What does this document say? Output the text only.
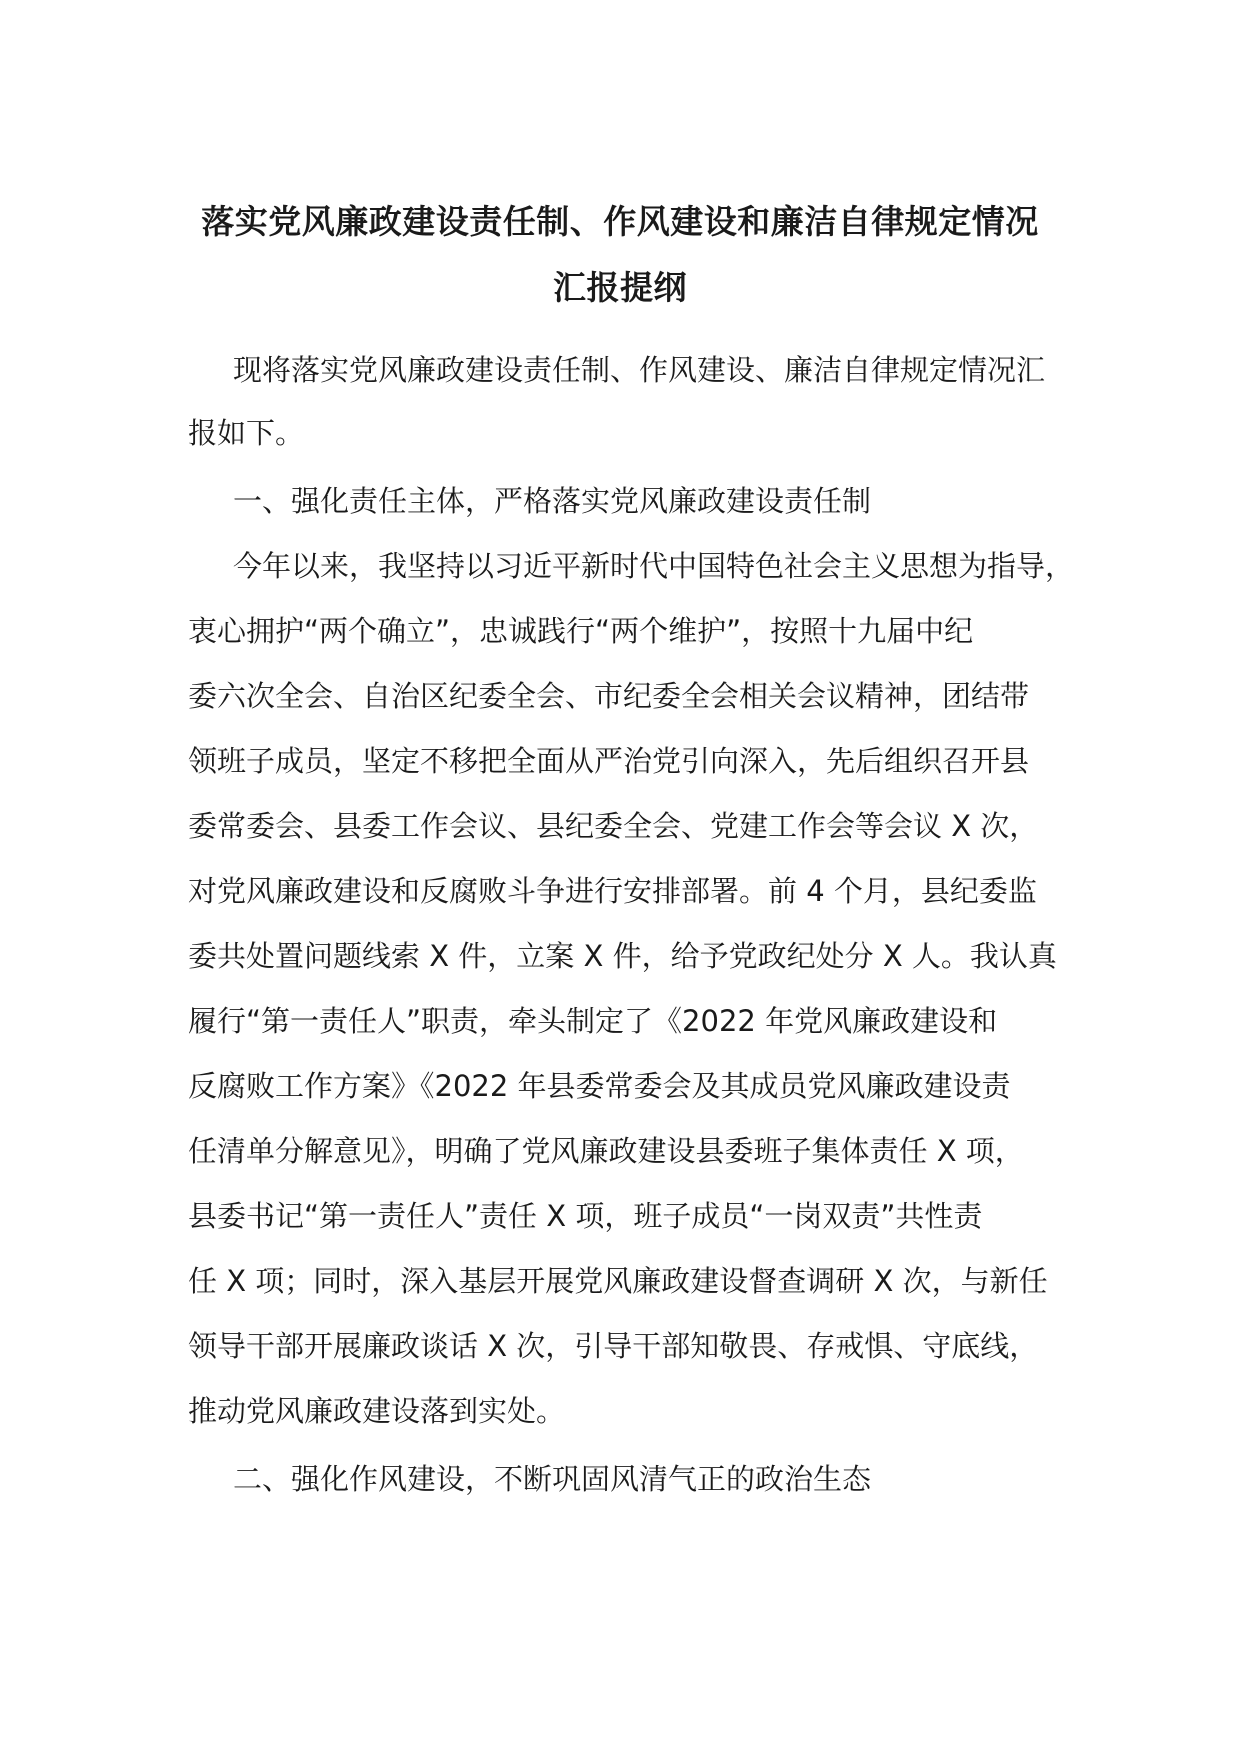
落实党风廉政建设责任制、作风建设和廉洁自律规定情况
汇报提纲
现将落实党风廉政建设责任制、作风建设、廉洁自律规定情况汇
报如下。
一、强化责任主体，严格落实党风廉政建设责任制
今年以来，我坚持以习近平新时代中国特色社会主义思想为指导，
衷心拥护“两个确立”，忠诚践行“两个维护”，按照十九届中纪
委六次全会、自治区纪委全会、市纪委全会相关会议精神，团结带
领班子成员，坚定不移把全面从严治党引向深入，先后组织召开县
委常委会、县委工作会议、县纪委全会、党建工作会等会议 X 次，
对党风廉政建设和反腐败斗争进行安排部署。前 4 个月，县纪委监
委共处置问题线索 X 件，立案 X 件，给予党政纪处分 X 人。我认真
履行“第一责任人”职责，牵头制定了《2022 年党风廉政建设和
反腐败工作方案》《2022 年县委常委会及其成员党风廉政建设责
任清单分解意见》，明确了党风廉政建设县委班子集体责任 X 项，
县委书记“第一责任人”责任 X 项，班子成员“一岗双责”共性责
任 X 项；同时，深入基层开展党风廉政建设督查调研 X 次，与新任
领导干部开展廉政谈话 X 次，引导干部知敬畏、存戒惧、守底线，
推动党风廉政建设落到实处。
二、强化作风建设，不断巩固风清气正的政治生态
